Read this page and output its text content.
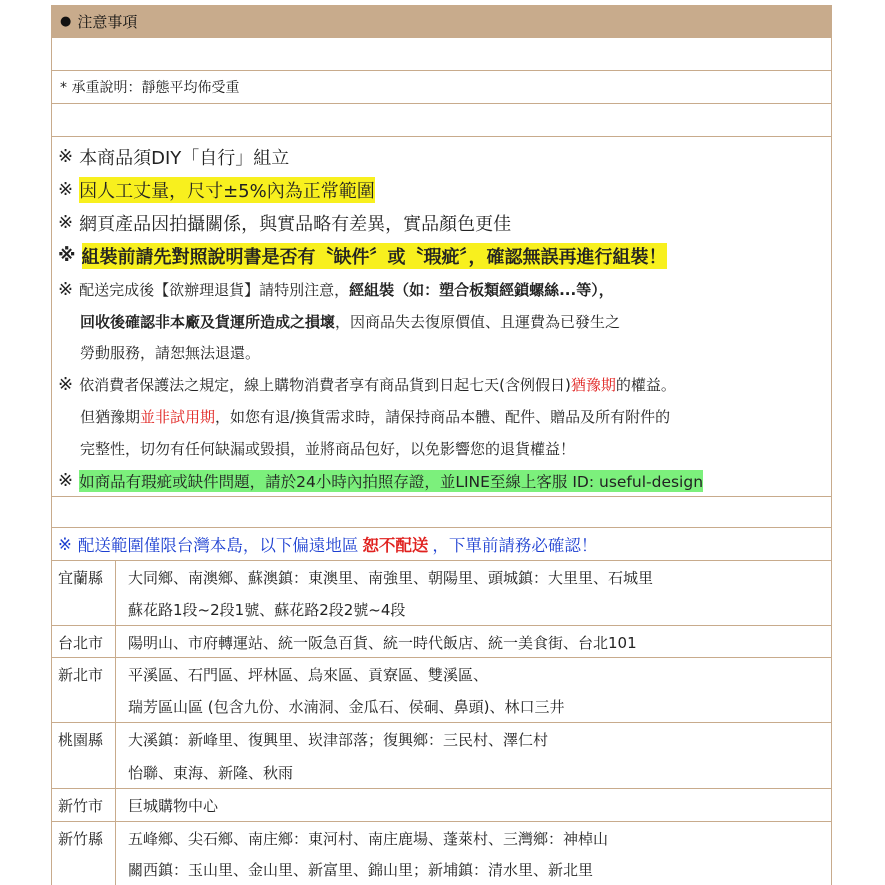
● 注意事項
* 承重說明：靜態平均佈受重
※ 本商品須DIY「自行」組立
※ 因人工丈量，尺寸±5%內為正常範圍
※ 網頁產品因拍攝關係，與實品略有差異，實品顏色更佳
※ 組裝前請先對照說明書是否有〝缺件〞或〝瑕疵〞，確認無誤再進行組裝！
※ 配送完成後【欲辦理退貨】請特別注意， 經組裝（如：塑合板類經鎖螺絲...等），
回收後確認非本廠及貨運所造成之損壞 ，因商品失去復原價值、且運費為已發生之
勞動服務，請恕無法退還。
※ 依消費者保護法之規定，線上購物消費者享有商品貨到日起七天(含例假日) 猶豫期 的權益。
但猶豫期 並非試用期 ，如您有退/換貨需求時，請保持商品本體、配件、贈品及所有附件的
完整性，切勿有任何缺漏或毀損，並將商品包好，以免影響您的退貨權益！
※ 如商品有瑕疵或缺件問題，請於24小時內拍照存證，並LINE至線上客服 ID: useful-design
※ 配送範圍僅限台灣本島，以下偏遠地區 恕不配送 ，下單前請務必確認！
宜蘭縣	大同鄉、南澳鄉、蘇澳鎮：東澳里、南強里、朝陽里、頭城鎮：大里里、石城里
蘇花路1段~2段1號、蘇花路2段2號~4段
台北市	陽明山、市府轉運站、統一阪急百貨、統一時代飯店、統一美食街、台北101
新北市	平溪區、石門區、坪林區、烏來區、貢寮區、雙溪區、
瑞芳區山區 (包含九份、水湳洞、金瓜石、侯硐、鼻頭)、林口三井
桃園縣	大溪鎮：新峰里、復興里、崁津部落；復興鄉：三民村、澤仁村
怡聯、東海、新隆、秋雨
新竹市	巨城購物中心
新竹縣	五峰鄉、尖石鄉、南庄鄉：東河村、南庄鹿場、蓬萊村、三灣鄉：神棹山
關西鎮：玉山里、金山里、新富里、錦山里；新埔鎮：清水里、新北里
